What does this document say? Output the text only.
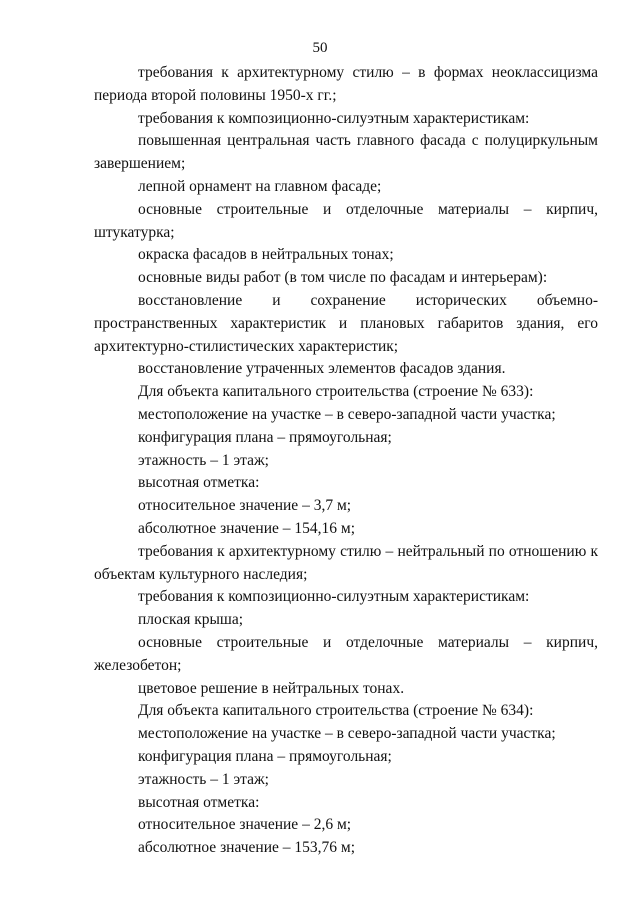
50

требования к архитектурному стилю – в формах неоклассицизма периода второй половины 1950-х гг.;

требования к композиционно-силуэтным характеристикам:

повышенная центральная часть главного фасада с полуциркульным завершением;

лепной орнамент на главном фасаде;

основные строительные и отделочные материалы – кирпич, штукатурка;

окраска фасадов в нейтральных тонах;

основные виды работ (в том числе по фасадам и интерьерам):

восстановление и сохранение исторических объемно-пространственных характеристик и плановых габаритов здания, его архитектурно-стилистических характеристик;

восстановление утраченных элементов фасадов здания.

Для объекта капитального строительства (строение № 633):

местоположение на участке – в северо-западной части участка;

конфигурация плана – прямоугольная;

этажность – 1 этаж;

высотная отметка:

относительное значение – 3,7 м;

абсолютное значение – 154,16 м;

требования к архитектурному стилю – нейтральный по отношению к объектам культурного наследия;

требования к композиционно-силуэтным характеристикам:

плоская крыша;

основные строительные и отделочные материалы – кирпич, железобетон;

цветовое решение в нейтральных тонах.

Для объекта капитального строительства (строение № 634):

местоположение на участке – в северо-западной части участка;

конфигурация плана – прямоугольная;

этажность – 1 этаж;

высотная отметка:

относительное значение – 2,6 м;

абсолютное значение – 153,76 м;
